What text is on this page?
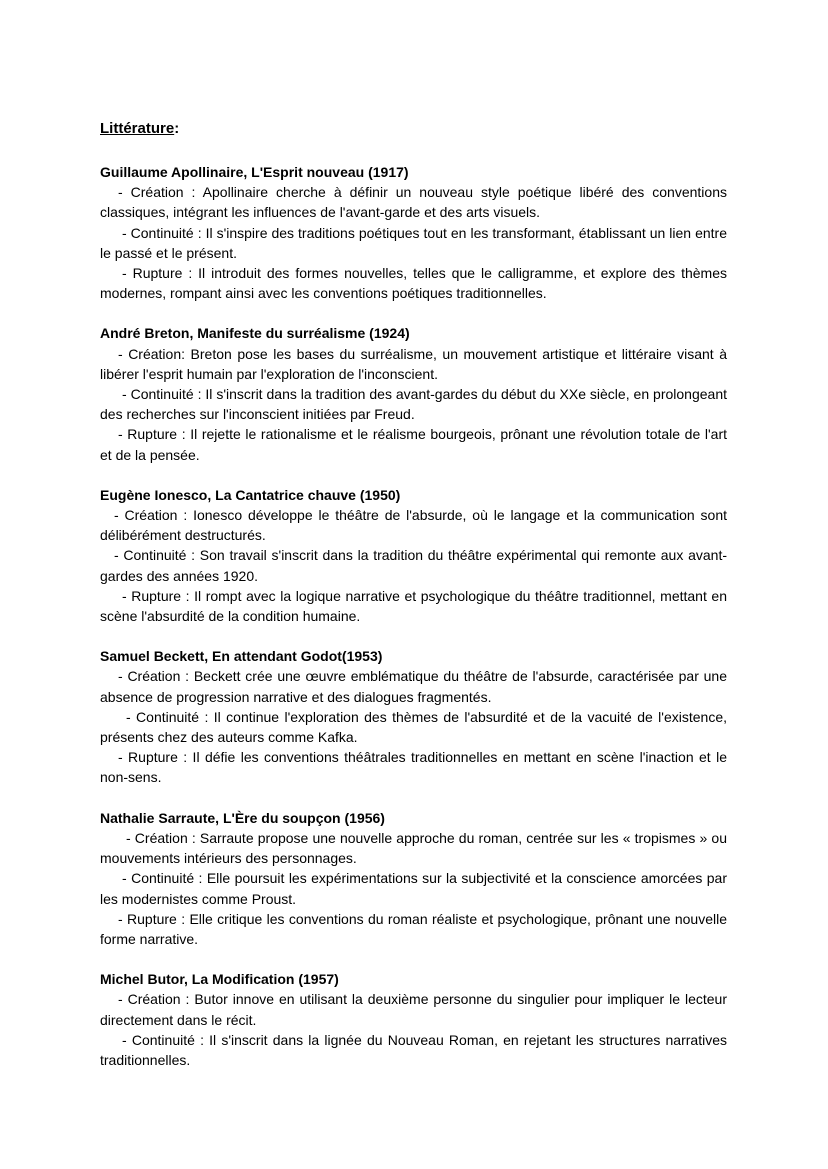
Littérature:

Guillaume Apollinaire, L'Esprit nouveau (1917)

- Création : Apollinaire cherche à définir un nouveau style poétique libéré des conventions classiques, intégrant les influences de l'avant-garde et des arts visuels.

- Continuité : Il s'inspire des traditions poétiques tout en les transformant, établissant un lien entre le passé et le présent.

- Rupture : Il introduit des formes nouvelles, telles que le calligramme, et explore des thèmes modernes, rompant ainsi avec les conventions poétiques traditionnelles.

André Breton, Manifeste du surréalisme (1924)

- Création: Breton pose les bases du surréalisme, un mouvement artistique et littéraire visant à libérer l'esprit humain par l'exploration de l'inconscient.

- Continuité : Il s'inscrit dans la tradition des avant-gardes du début du XXe siècle, en prolongeant des recherches sur l'inconscient initiées par Freud.

- Rupture : Il rejette le rationalisme et le réalisme bourgeois, prônant une révolution totale de l'art et de la pensée.

Eugène Ionesco, La Cantatrice chauve (1950)

- Création : Ionesco développe le théâtre de l'absurde, où le langage et la communication sont délibérément destructurés.

- Continuité : Son travail s'inscrit dans la tradition du théâtre expérimental qui remonte aux avant-gardes des années 1920.

- Rupture : Il rompt avec la logique narrative et psychologique du théâtre traditionnel, mettant en scène l'absurdité de la condition humaine.

Samuel Beckett, En attendant Godot(1953)

- Création : Beckett crée une œuvre emblématique du théâtre de l'absurde, caractérisée par une absence de progression narrative et des dialogues fragmentés.

- Continuité : Il continue l'exploration des thèmes de l'absurdité et de la vacuité de l'existence, présents chez des auteurs comme Kafka.

- Rupture : Il défie les conventions théâtrales traditionnelles en mettant en scène l'inaction et le non-sens.

Nathalie Sarraute, L'Ère du soupçon (1956)

- Création : Sarraute propose une nouvelle approche du roman, centrée sur les « tropismes » ou mouvements intérieurs des personnages.

- Continuité : Elle poursuit les expérimentations sur la subjectivité et la conscience amorcées par les modernistes comme Proust.

- Rupture : Elle critique les conventions du roman réaliste et psychologique, prônant une nouvelle forme narrative.

Michel Butor, La Modification (1957)

- Création : Butor innove en utilisant la deuxième personne du singulier pour impliquer le lecteur directement dans le récit.

- Continuité : Il s'inscrit dans la lignée du Nouveau Roman, en rejetant les structures narratives traditionnelles.
